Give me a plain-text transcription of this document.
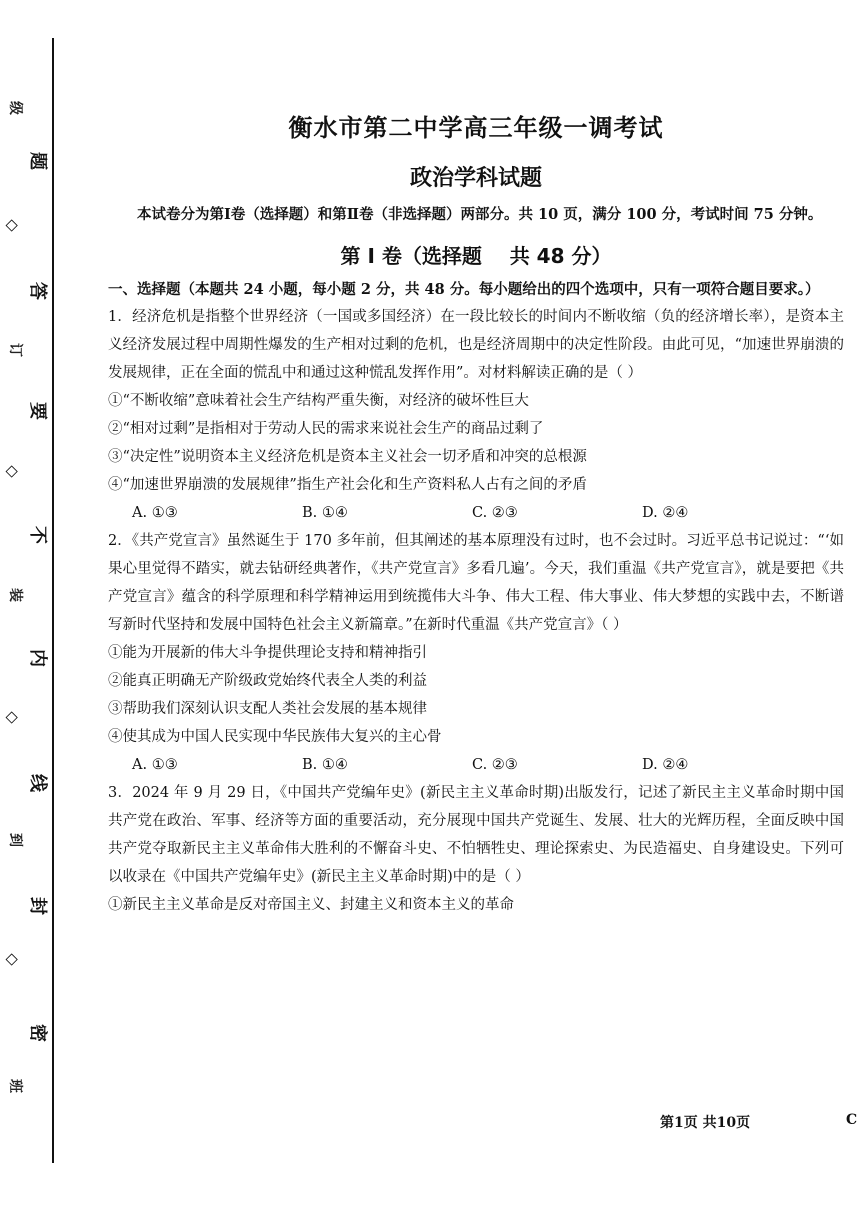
级
订
装
到
班
◇
◇
◇
◇
题
答
要
不
内
线
封
密
衡水市第二中学高三年级一调考试
政治学科试题

本试卷分为第Ⅰ卷（选择题）和第Ⅱ卷（非选择题）两部分。共 10 页，满分 100 分，考试时间 75 分钟。

第 Ⅰ 卷（选择题    共 48 分）

一、选择题（本题共 24 小题，每小题 2 分，共 48 分。每小题给出的四个选项中，只有一项符合题目要求。）

1．经济危机是指整个世界经济（一国或多国经济）在一段比较长的时间内不断收缩（负的经济增长率），是资本主义经济发展过程中周期性爆发的生产相对过剩的危机，也是经济周期中的决定性阶段。由此可见，“加速世界崩溃的发展规律，正在全面的慌乱中和通过这种慌乱发挥作用”。对材料解读正确的是（ ）

①“不断收缩”意味着社会生产结构严重失衡，对经济的破坏性巨大

②“相对过剩”是指相对于劳动人民的需求来说社会生产的商品过剩了

③“决定性”说明资本主义经济危机是资本主义社会一切矛盾和冲突的总根源

④“加速世界崩溃的发展规律”指生产社会化和生产资料私人占有之间的矛盾

A. ①③	B. ①④	C. ②③	D. ②④

2．《共产党宣言》虽然诞生于 170 多年前，但其阐述的基本原理没有过时，也不会过时。习近平总书记说过：“‘如果心里觉得不踏实，就去钻研经典著作，《共产党宣言》多看几遍’。今天，我们重温《共产党宣言》，就是要把《共产党宣言》蕴含的科学原理和科学精神运用到统揽伟大斗争、伟大工程、伟大事业、伟大梦想的实践中去，不断谱写新时代坚持和发展中国特色社会主义新篇章。”在新时代重温《共产党宣言》（ ）

①能为开展新的伟大斗争提供理论支持和精神指引

②能真正明确无产阶级政党始终代表全人类的利益

③帮助我们深刻认识支配人类社会发展的基本规律

④使其成为中国人民实现中华民族伟大复兴的主心骨

A. ①③	B. ①④	C. ②③	D. ②④

3．2024 年 9 月 29 日，《中国共产党编年史》(新民主主义革命时期)出版发行，记述了新民主主义革命时期中国共产党在政治、军事、经济等方面的重要活动，充分展现中国共产党诞生、发展、壮大的光辉历程，全面反映中国共产党夺取新民主主义革命伟大胜利的不懈奋斗史、不怕牺牲史、理论探索史、为民造福史、自身建设史。下列可以收录在《中国共产党编年史》(新民主主义革命时期)中的是（ ）

①新民主主义革命是反对帝国主义、封建主义和资本主义的革命

第1页 共10页	C
